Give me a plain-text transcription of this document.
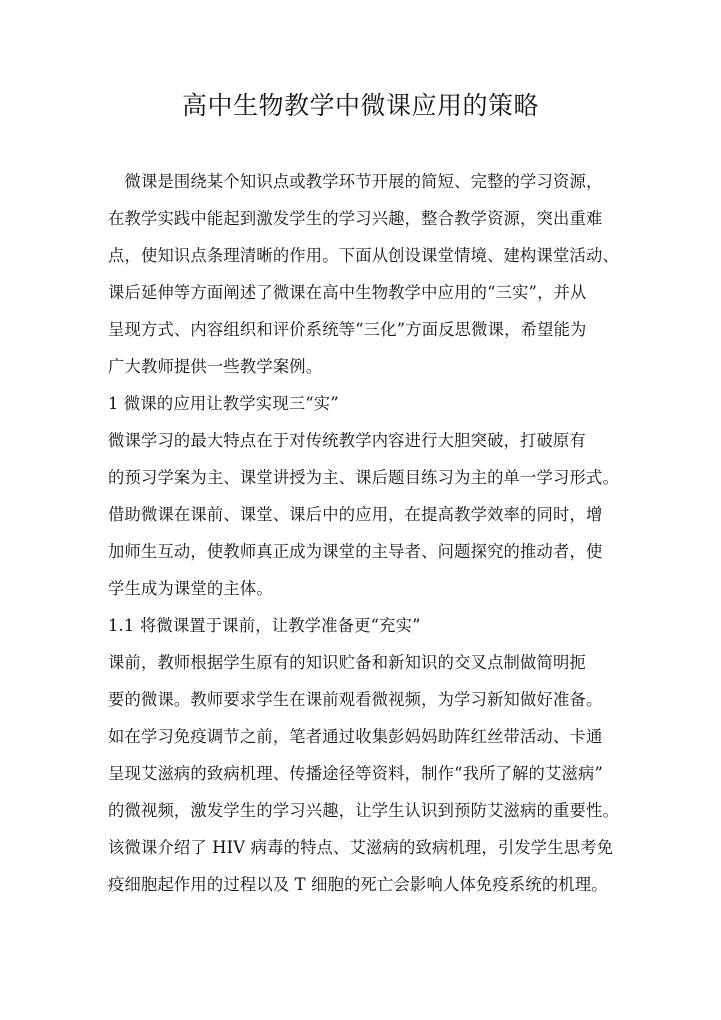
高中生物教学中微课应用的策略

　微课是围绕某个知识点或教学环节开展的简短、完整的学习资源，

在教学实践中能起到激发学生的学习兴趣，整合教学资源，突出重难

点，使知识点条理清晰的作用。下面从创设课堂情境、建构课堂活动、

课后延伸等方面阐述了微课在高中生物教学中应用的“三实”，并从

呈现方式、内容组织和评价系统等“三化”方面反思微课，希望能为

广大教师提供一些教学案例。

1 微课的应用让教学实现三“实”

微课学习的最大特点在于对传统教学内容进行大胆突破，打破原有

的预习学案为主、课堂讲授为主、课后题目练习为主的单一学习形式。

借助微课在课前、课堂、课后中的应用，在提高教学效率的同时，增

加师生互动，使教师真正成为课堂的主导者、问题探究的推动者，使

学生成为课堂的主体。

1.1 将微课置于课前，让教学准备更“充实”

课前，教师根据学生原有的知识贮备和新知识的交叉点制做简明扼

要的微课。教师要求学生在课前观看微视频，为学习新知做好准备。

如在学习免疫调节之前，笔者通过收集彭妈妈助阵红丝带活动、卡通

呈现艾滋病的致病机理、传播途径等资料，制作“我所了解的艾滋病”

的微视频，激发学生的学习兴趣，让学生认识到预防艾滋病的重要性。

该微课介绍了 HIV 病毒的特点、艾滋病的致病机理，引发学生思考免

疫细胞起作用的过程以及 T 细胞的死亡会影响人体免疫系统的机理。
